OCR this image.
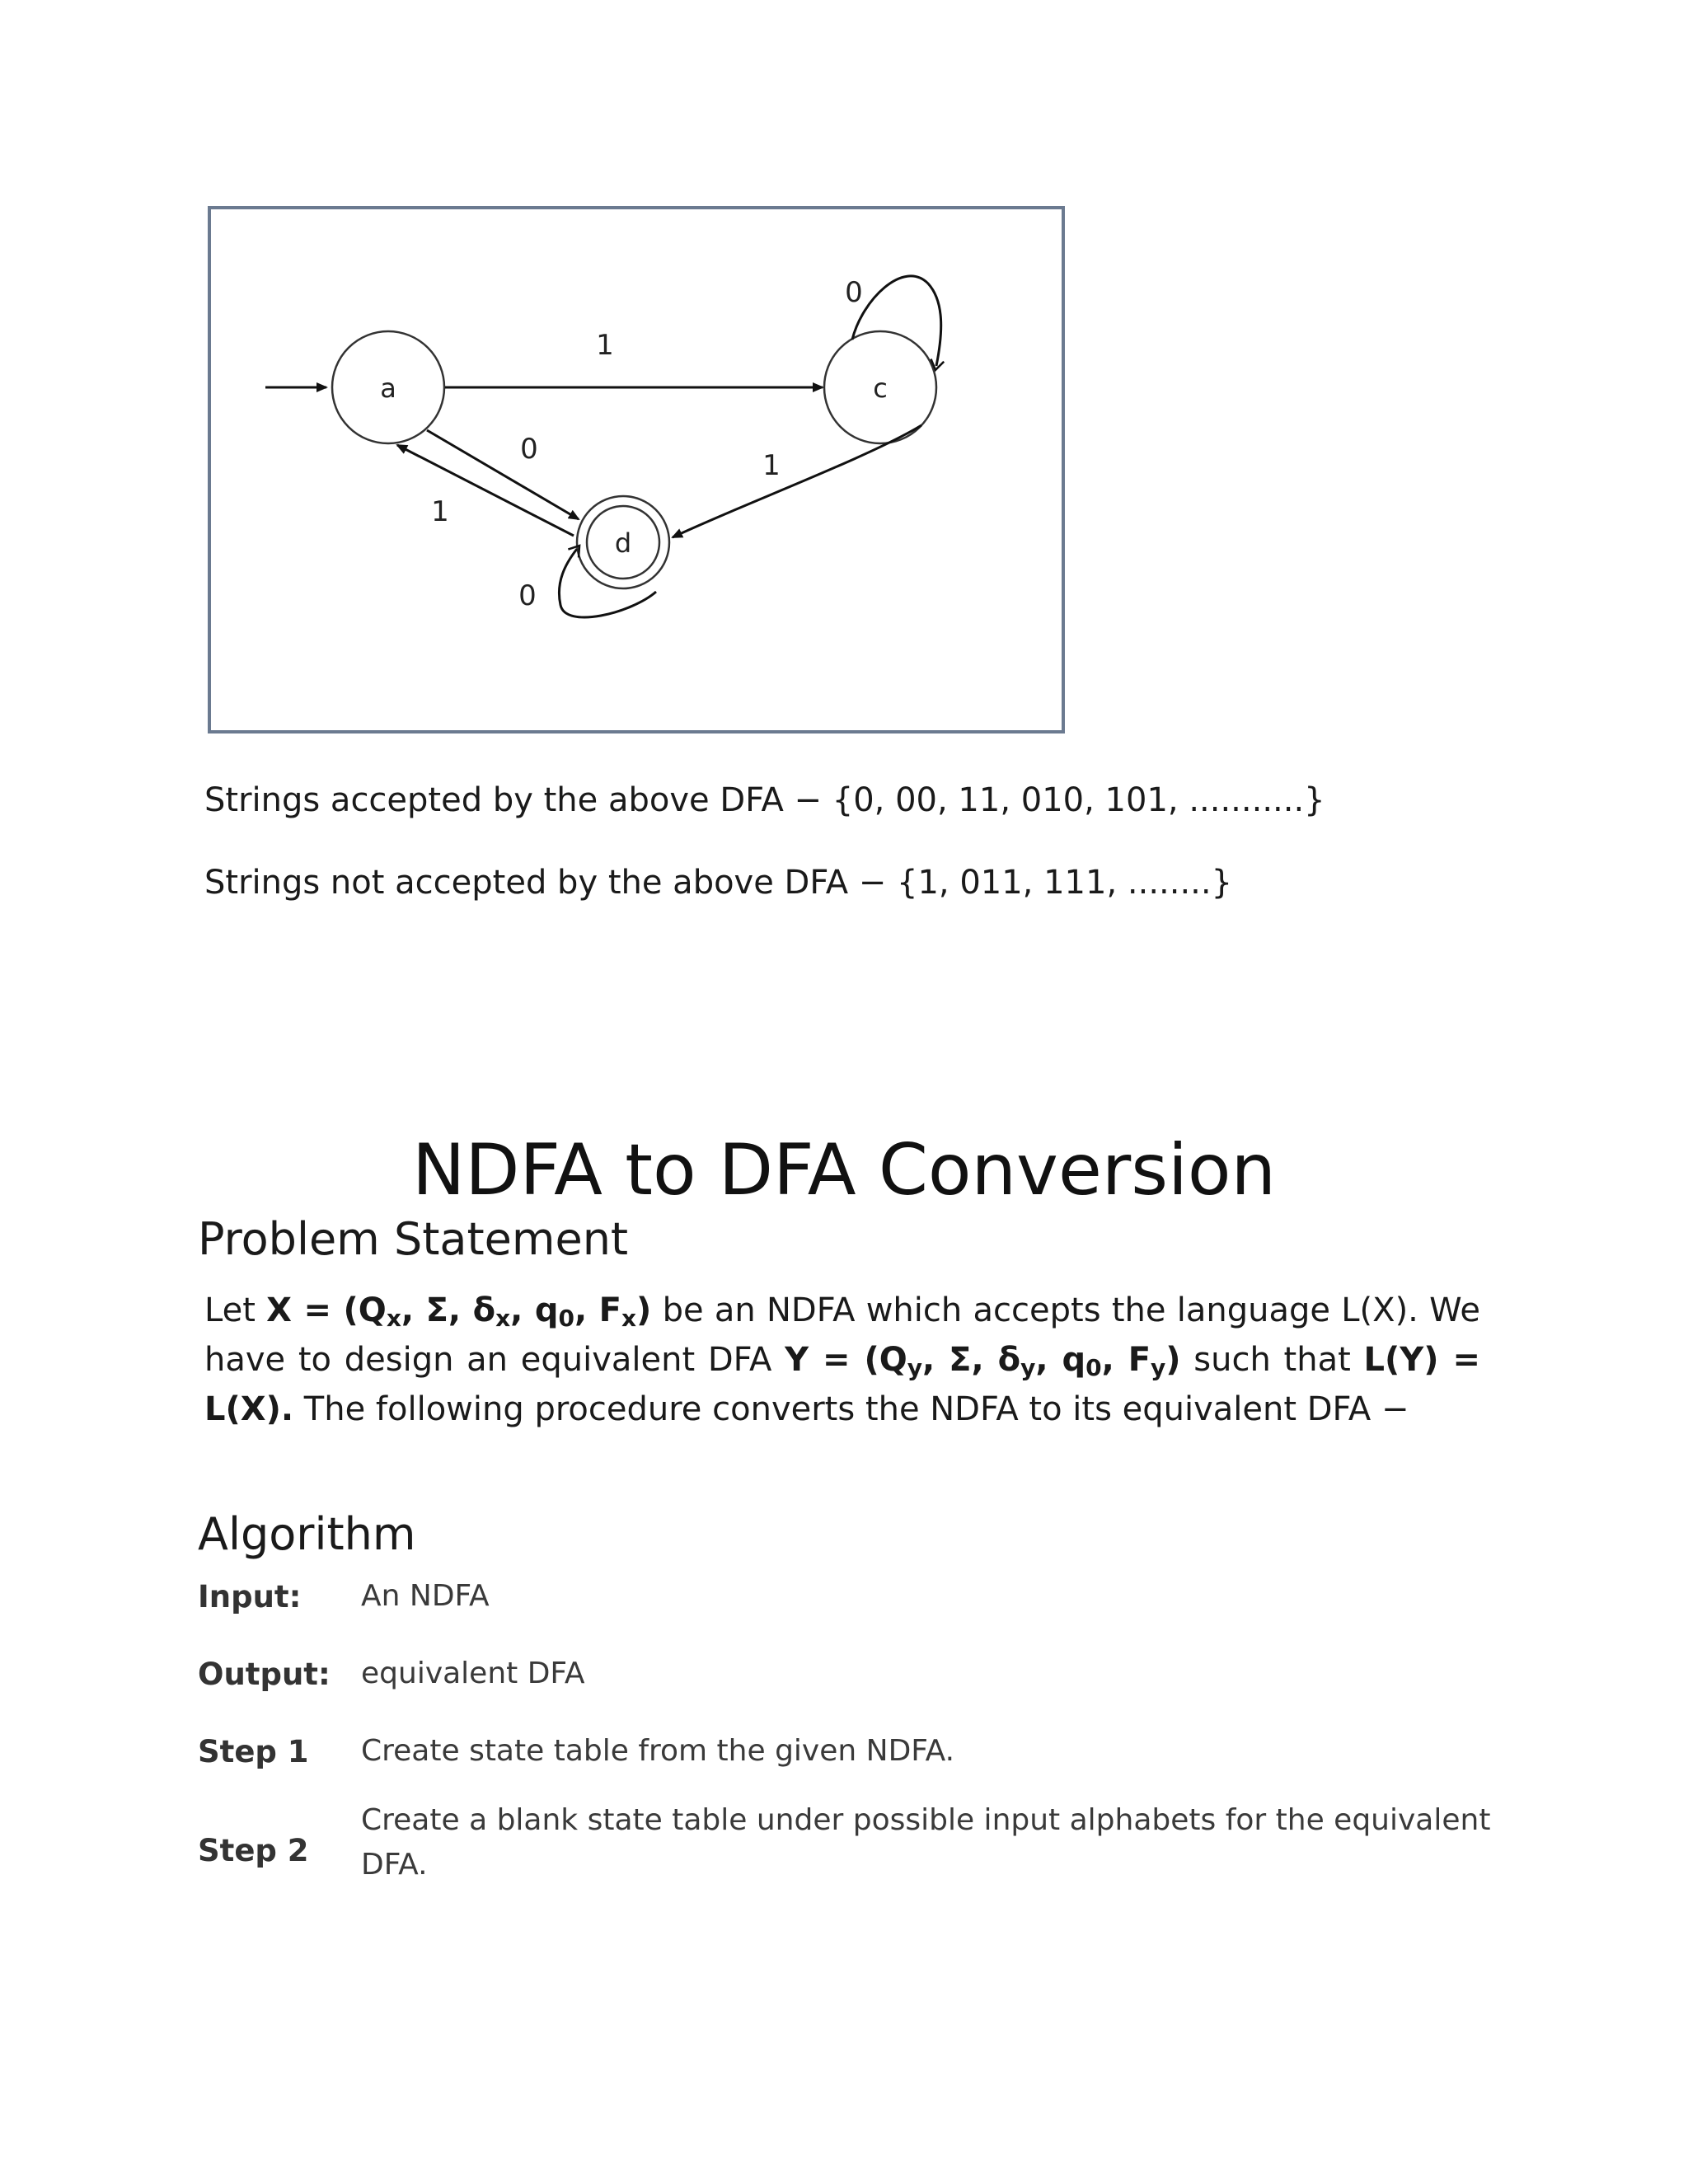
a	c
d
1
0
0
1
1
0
Strings accepted by the above DFA − {0, 00, 11, 010, 101, ...........}
Strings not accepted by the above DFA − {1, 011, 111, ........}
NDFA to DFA Conversion
Problem Statement
Let $X = (Q_x$, Σ, $\delta_x$, $q_0$, $F_x$) be an NDFA which accepts the language L(X). We have to design an equivalent DFA $Y = (Q_y$, Σ, $\delta_y$, $q_0$, $F_y$) such that L(Y) = L(X). The following procedure converts the NDFA to its equivalent DFA −
Algorithm
Input: An NDFA
Output: equivalent DFA
Step 1 Create state table from the given NDFA.
Step 2
Create a blank state table under possible input alphabets for the equivalent DFA.
